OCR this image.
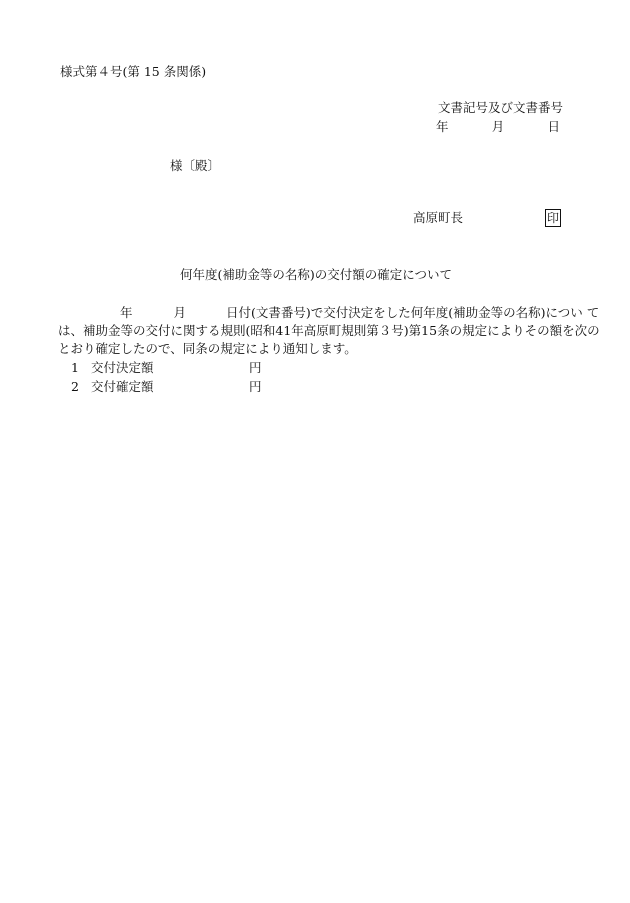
様式第４号(第 15 条関係)
文書記号及び文書番号
年	月	日
様〔殿〕
高原町長	印
何年度(補助金等の名称)の交付額の確定について
年	月	日付(文書番号)で交付決定をした何年度(補助金等の名称)につい て
は、補助金等の交付に関する規則(昭和41年高原町規則第３号)第15条の規定によりその額を次の
とおり確定したので、同条の規定により通知します。
1 交付決定額	円
2 交付確定額	円
